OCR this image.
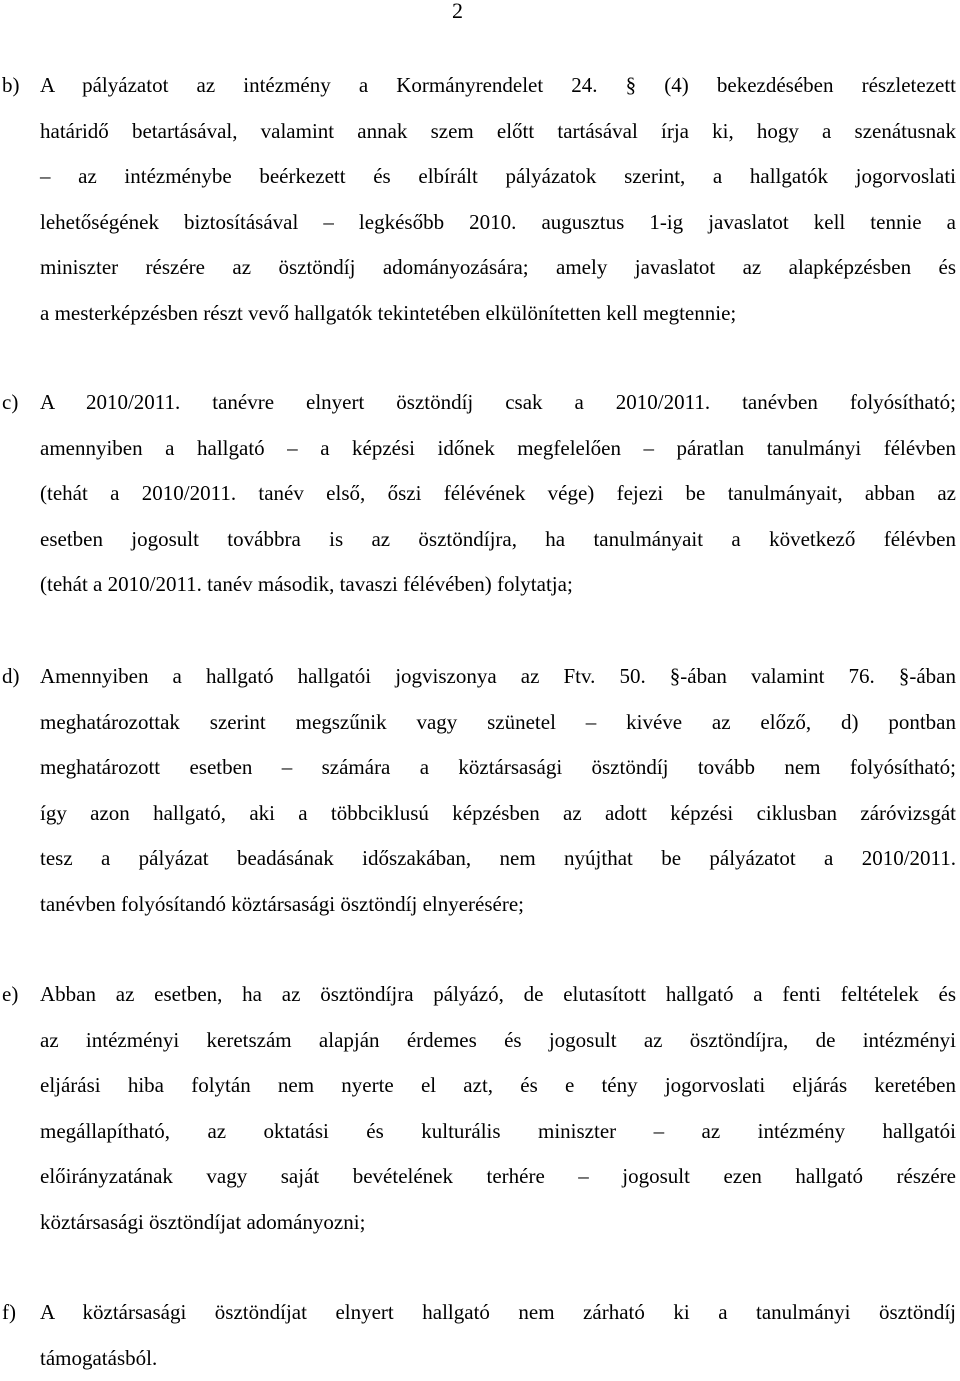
2
b) A pályázatot az intézmény a Kormányrendelet 24. § (4) bekezdésében részletezett
határidő betartásával, valamint annak szem előtt tartásával írja ki, hogy a szenátusnak
– az intézménybe beérkezett és elbírált pályázatok szerint, a hallgatók jogorvoslati
lehetőségének biztosításával – legkésőbb 2010. augusztus 1-ig javaslatot kell tennie a
miniszter részére az ösztöndíj adományozására; amely javaslatot az alapképzésben és
a mesterképzésben részt vevő hallgatók tekintetében elkülönítetten kell megtennie;
c) A 2010/2011. tanévre elnyert ösztöndíj csak a 2010/2011. tanévben folyósítható;
amennyiben a hallgató – a képzési időnek megfelelően – páratlan tanulmányi félévben
(tehát a 2010/2011. tanév első, őszi félévének vége) fejezi be tanulmányait, abban az
esetben jogosult továbbra is az ösztöndíjra, ha tanulmányait a következő félévben
(tehát a 2010/2011. tanév második, tavaszi félévében) folytatja;
d) Amennyiben a hallgató hallgatói jogviszonya az Ftv. 50. §-ában valamint 76. §-ában
meghatározottak szerint megszűnik vagy szünetel – kivéve az előző, d) pontban
meghatározott esetben – számára a köztársasági ösztöndíj tovább nem folyósítható;
így azon hallgató, aki a többciklusú képzésben az adott képzési ciklusban záróvizsgát
tesz a pályázat beadásának időszakában, nem nyújthat be pályázatot a 2010/2011.
tanévben folyósítandó köztársasági ösztöndíj elnyerésére;
e) Abban az esetben, ha az ösztöndíjra pályázó, de elutasított hallgató a fenti feltételek és
az intézményi keretszám alapján érdemes és jogosult az ösztöndíjra, de intézményi
eljárási hiba folytán nem nyerte el azt, és e tény jogorvoslati eljárás keretében
megállapítható, az oktatási és kulturális miniszter – az intézmény hallgatói
előirányzatának vagy saját bevételének terhére – jogosult ezen hallgató részére
köztársasági ösztöndíjat adományozni;
f) A köztársasági ösztöndíjat elnyert hallgató nem zárható ki a tanulmányi ösztöndíj
támogatásból.
